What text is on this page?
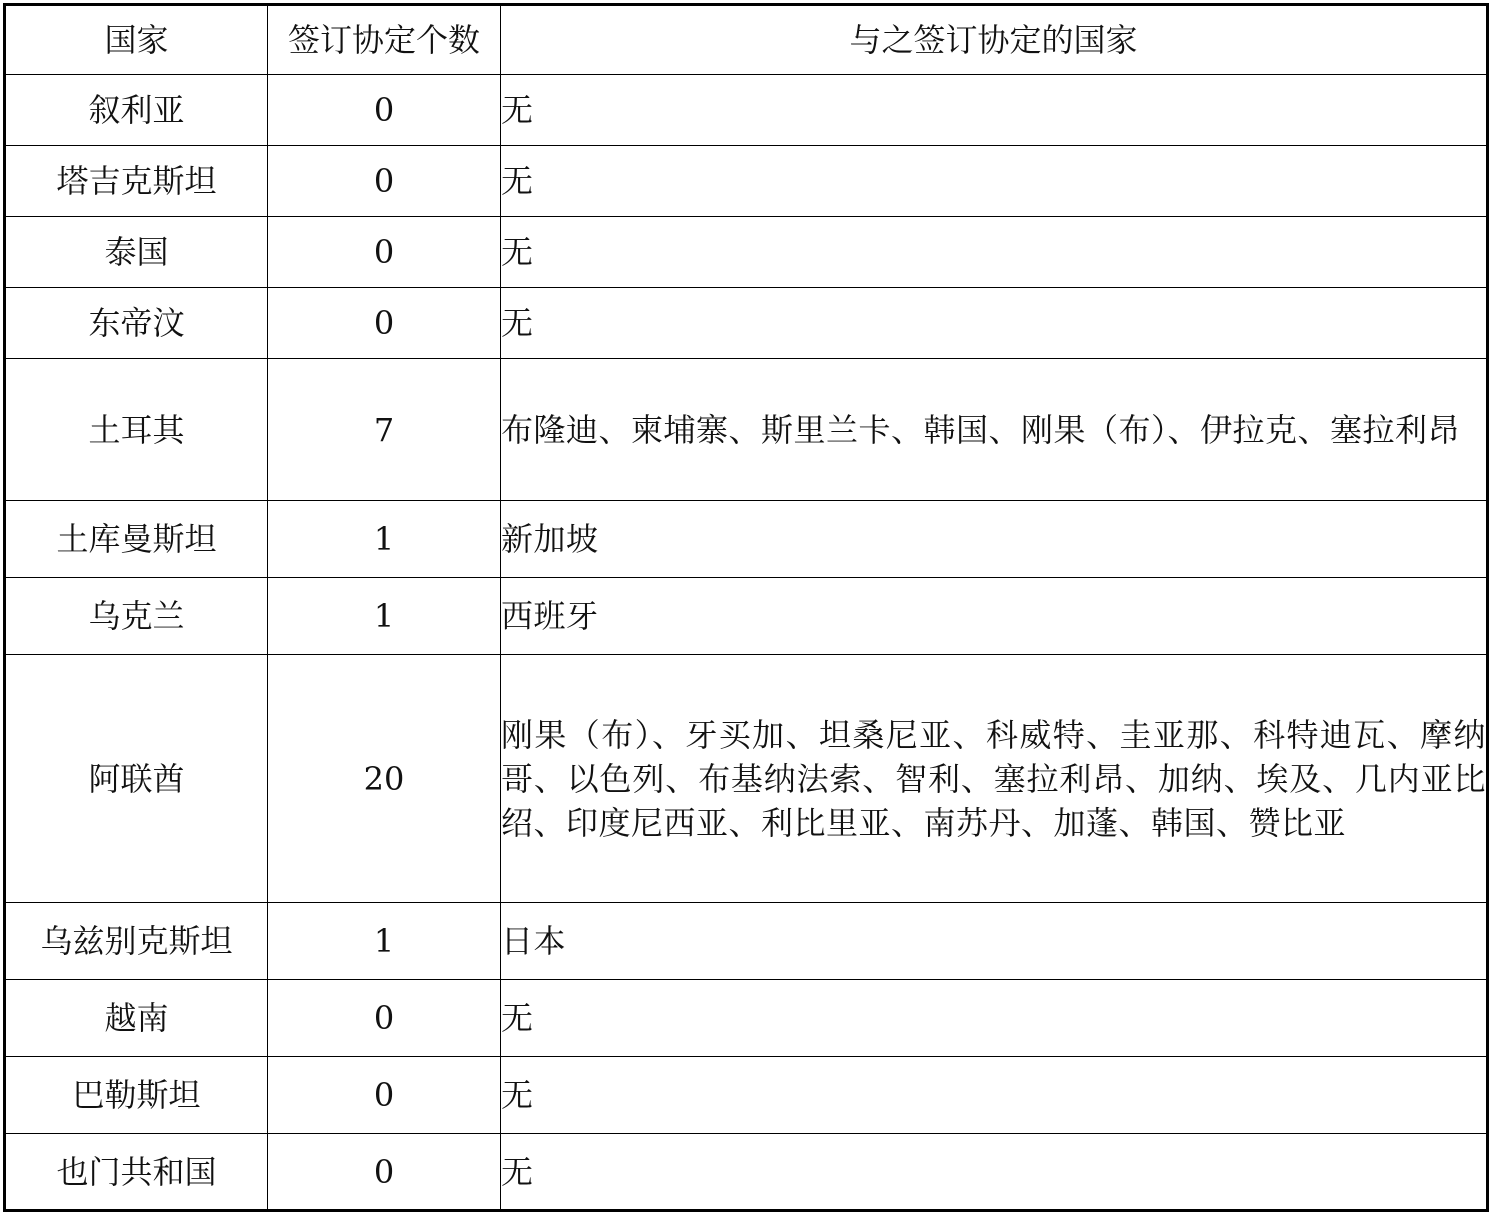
国家	签订协定个数	与之签订协定的国家
叙利亚	0	无
塔吉克斯坦	0	无
泰国	0	无
东帝汶	0	无
土耳其	7	布隆迪、柬埔寨、斯里兰卡、韩国、刚果（布）、伊拉克、塞拉利昂
土库曼斯坦	1	新加坡
乌克兰	1	西班牙
阿联酋	20	刚果（布）、牙买加、坦桑尼亚、科威特、圭亚那、科特迪瓦、摩纳哥、以色列、布基纳法索、智利、塞拉利昂、加纳、埃及、几内亚比绍、印度尼西亚、利比里亚、南苏丹、加蓬、韩国、赞比亚
乌兹别克斯坦	1	日本
越南	0	无
巴勒斯坦	0	无
也门共和国	0	无
